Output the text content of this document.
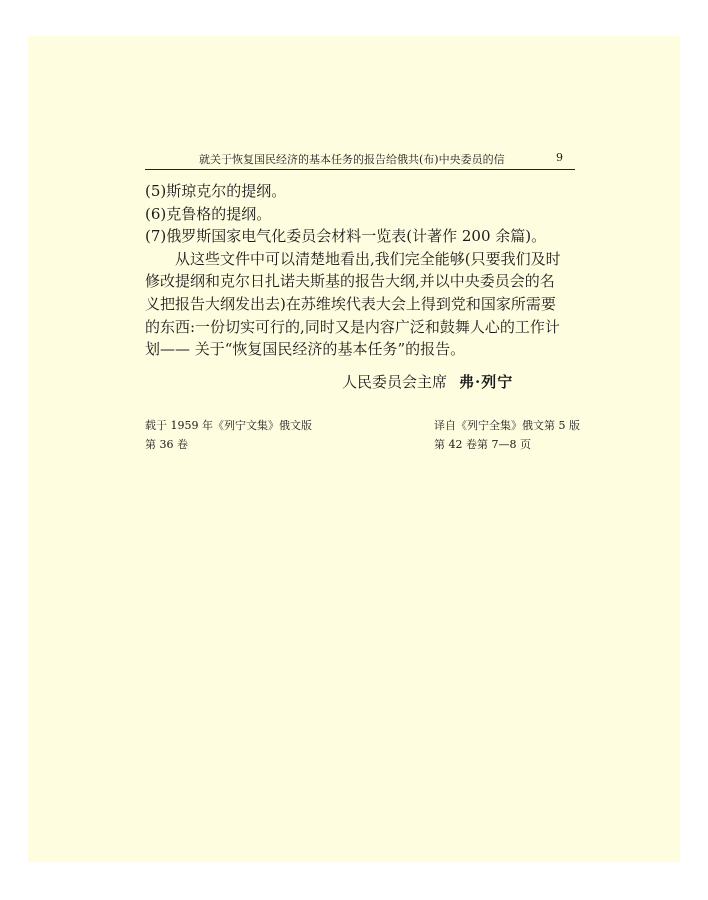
就关于恢复国民经济的基本任务的报告给俄共(布)中央委员的信	9
(5)斯琼克尔的提纲。
(6)克鲁格的提纲。
(7)俄罗斯国家电气化委员会材料一览表(计著作 200 余篇)。
从这些文件中可以清楚地看出,我们完全能够(只要我们及时
修改提纲和克尔日扎诺夫斯基的报告大纲,并以中央委员会的名
义把报告大纲发出去)在苏维埃代表大会上得到党和国家所需要
的东西:一份切实可行的,同时又是内容广泛和鼓舞人心的工作计
划—— 关于“恢复国民经济的基本任务”的报告。
人民委员会主席 弗·列宁
载于 1959 年《列宁文集》俄文版
第 36 卷
译自《列宁全集》俄文第 5 版
第 42 卷第 7—8 页
